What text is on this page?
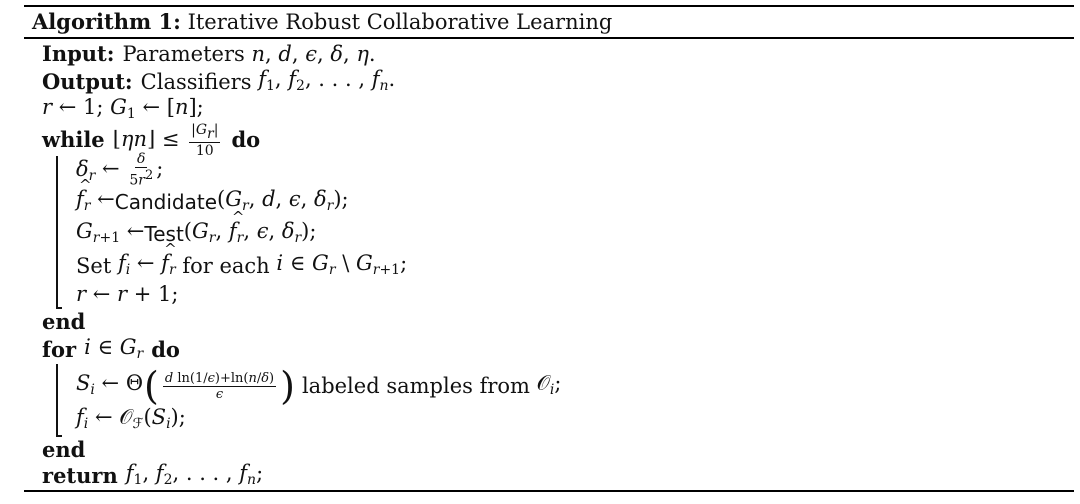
Algorithm 1: Iterative Robust Collaborative Learning
Input: Parameters n, d, ϵ, δ, η.
Output: Classifiers $f_1$, $f_2$, . . . , $f_n$.
r ← 1; $G_1$ ← [n];
while ⌊ηn⌋ ≤ $\frac{|G_r|}{10}$ do
$\delta_r$ ← $\frac{\delta}{5r^2}$ ;
^ $f_r$ ← Candidate ($G_r$, d, ϵ, $\delta_r$);
$G_{r+1}$ ← Test ($G_r$, ^ $f_r$, ϵ, $\delta_r$);
Set $f_i$ ← ^ $f_r$ for each i ∈ $G_r$ \ $G_{r+1}$;
r ← r + 1;
end
for i ∈ $G_r$ do
$S_i$ ← Θ ( $\frac{\text{d ln(1/ϵ)+ln(n/δ)}}{\epsilon}$ ) labeled samples from 𝒪$_i$;
$f_i$ ← $𝒪_ℱ(S_i)$;
end
return $f_1$, $f_2$, . . . , $f_n$;
